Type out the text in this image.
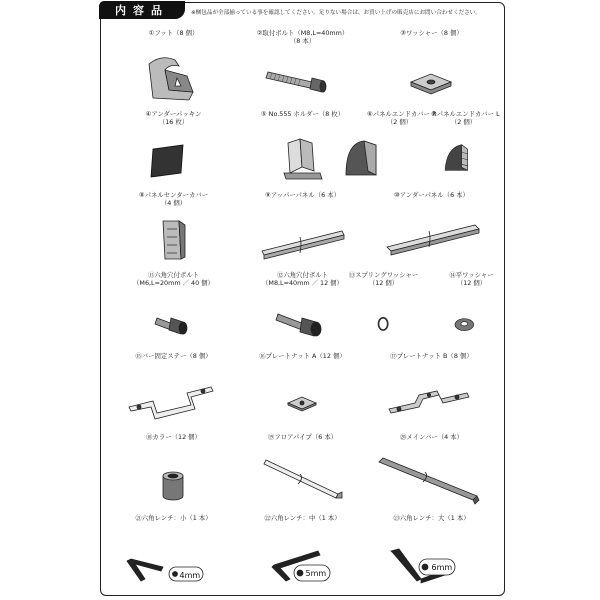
内容品	※梱包品が全部揃っている事を確認してください。足りない場合は、お買い上げの販売店にお問い合わせください。
①フット（8 個）	②取付ボルト（M8,L=40mm）
（8 本）
③ワッシャー（8 個）
④アンダーパッキン
（16 枚）
⑤ No.555 ホルダー（8 枚）	⑥パネルエンドカバー R
（2 個）
⑦パネルエンドカバー L
（2 個）
⑧パネルセンターカバー
（4 個）
⑨アッパーパネル（6 本）	⑩アンダーパネル（6 本）
⑪六角穴付ボルト
（M6,L=20mm ／ 40 個）
⑫六角穴付ボルト
（M8,L=40mm ／ 12 個）
⑬スプリングワッシャー
（12 個）
⑭平ワッシャー
（12 個）
⑮バー固定ステー（8 個）	⑯プレートナット A（12 個）	⑰プレートナット B（8 個）
⑱カラー（12 個）	⑲フロアパイプ（6 本）	⑳メインバー（4 本）
㉑六角レンチ：小（1 本）
4mm
㉒六角レンチ：中（1 本）
5mm
㉓六角レンチ：大（1 本）
6mm
